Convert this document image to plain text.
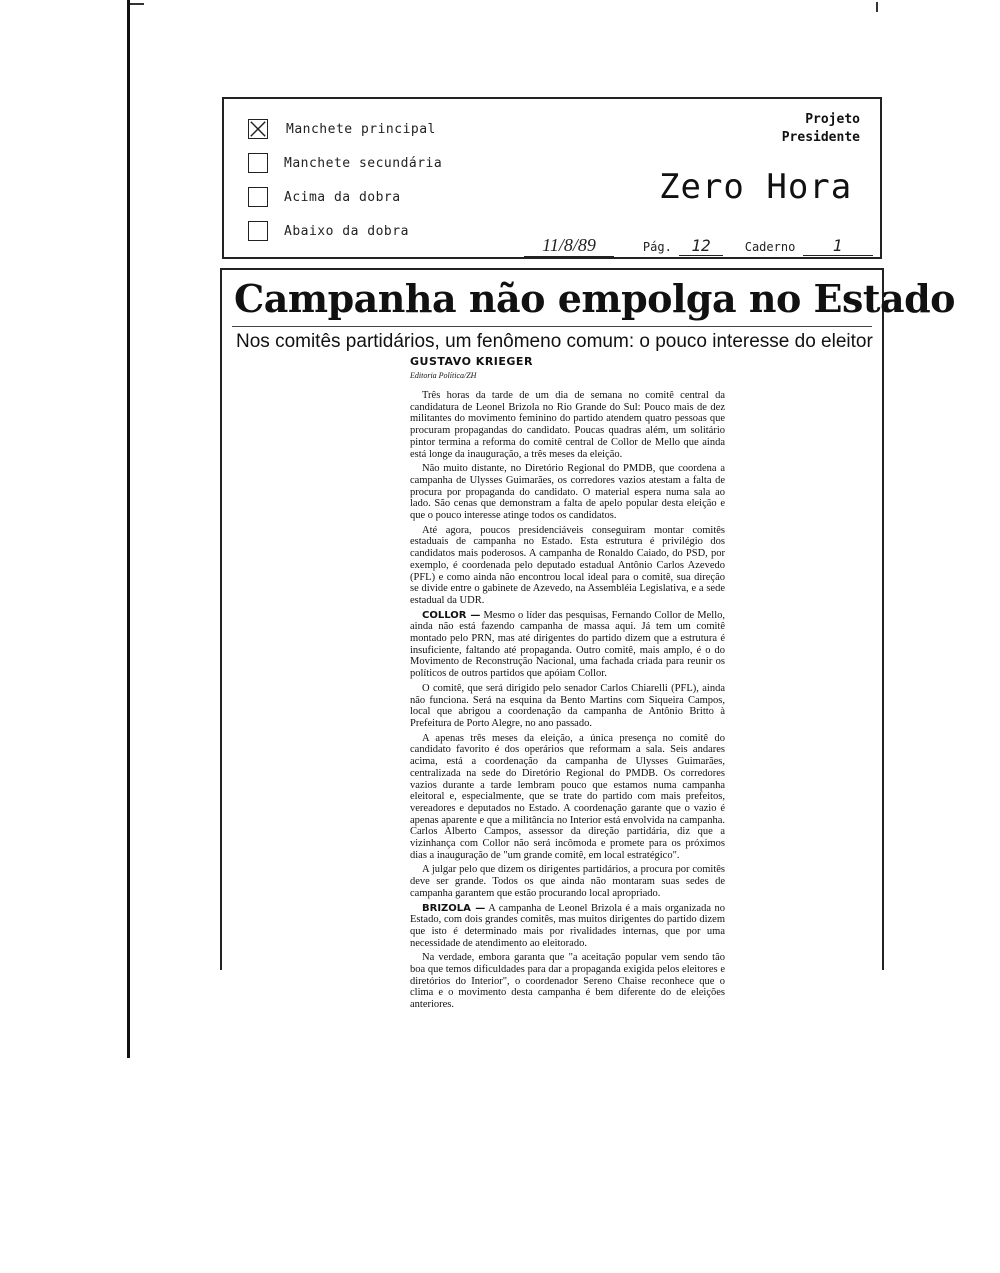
Manchete principal
Manchete secundária
Acima da dobra
Abaixo da dobra
Projeto
Presidente
Zero Hora
11/8/89	Pág. 12	Caderno 1
Campanha não empolga no Estado
Nos comitês partidários, um fenômeno comum: o pouco interesse do eleitor
GUSTAVO KRIEGER
Editoria Política/ZH

Três horas da tarde de um dia de semana no comitê central da candidatura de Leonel Brizola no Rio Grande do Sul: Pouco mais de dez militantes do movimento feminino do partido atendem quatro pessoas que procuram propagandas do candidato. Poucas quadras além, um solitário pintor termina a reforma do comitê central de Collor de Mello que ainda está longe da inauguração, a três meses da eleição.

Não muito distante, no Diretório Regional do PMDB, que coordena a campanha de Ulysses Guimarães, os corredores vazios atestam a falta de procura por propaganda do candidato. O material espera numa sala ao lado. São cenas que demonstram a falta de apelo popular desta eleição e que o pouco interesse atinge todos os candidatos.

Até agora, poucos presidenciáveis conseguiram montar comitês estaduais de campanha no Estado. Esta estrutura é privilégio dos candidatos mais poderosos. A campanha de Ronaldo Caiado, do PSD, por exemplo, é coordenada pelo deputado estadual Antônio Carlos Azevedo (PFL) e como ainda não encontrou local ideal para o comitê, sua direção se divide entre o gabinete de Azevedo, na Assembléia Legislativa, e a sede estadual da UDR.

COLLOR — Mesmo o líder das pesquisas, Fernando Collor de Mello, ainda não está fazendo campanha de massa aqui. Já tem um comitê montado pelo PRN, mas até dirigentes do partido dizem que a estrutura é insuficiente, faltando até propaganda. Outro comitê, mais amplo, é o do Movimento de Reconstrução Nacional, uma fachada criada para reunir os políticos de outros partidos que apóiam Collor.

O comitê, que será dirigido pelo senador Carlos Chiarelli (PFL), ainda não funciona. Será na esquina da Bento Martins com Siqueira Campos, local que abrigou a coordenação da campanha de Antônio Britto à Prefeitura de Porto Alegre, no ano passado.

A apenas três meses da eleição, a única presença no comitê do candidato favorito é dos operários que reformam a sala. Seis andares acima, está a coordenação da campanha de Ulysses Guimarães, centralizada na sede do Diretório Regional do PMDB. Os corredores vazios durante a tarde lembram pouco que estamos numa campanha eleitoral e, especialmente, que se trate do partido com mais prefeitos, vereadores e deputados no Estado. A coordenação garante que o vazio é apenas aparente e que a militância no Interior está envolvida na campanha. Carlos Alberto Campos, assessor da direção partidária, diz que a vizinhança com Collor não será incômoda e promete para os próximos dias a inauguração de "um grande comitê, em local estratégico".

A julgar pelo que dizem os dirigentes partidários, a procura por comitês deve ser grande. Todos os que ainda não montaram suas sedes de campanha garantem que estão procurando local apropriado.

BRIZOLA — A campanha de Leonel Brizola é a mais organizada no Estado, com dois grandes comitês, mas muitos dirigentes do partido dizem que isto é determinado mais por rivalidades internas, que por uma necessidade de atendimento ao eleitorado.

Na verdade, embora garanta que "a aceitação popular vem sendo tão boa que temos dificuldades para dar a propaganda exigida pelos eleitores e diretórios do Interior", o coordenador Sereno Chaise reconhece que o clima e o movimento desta campanha é bem diferente do de eleições anteriores.
